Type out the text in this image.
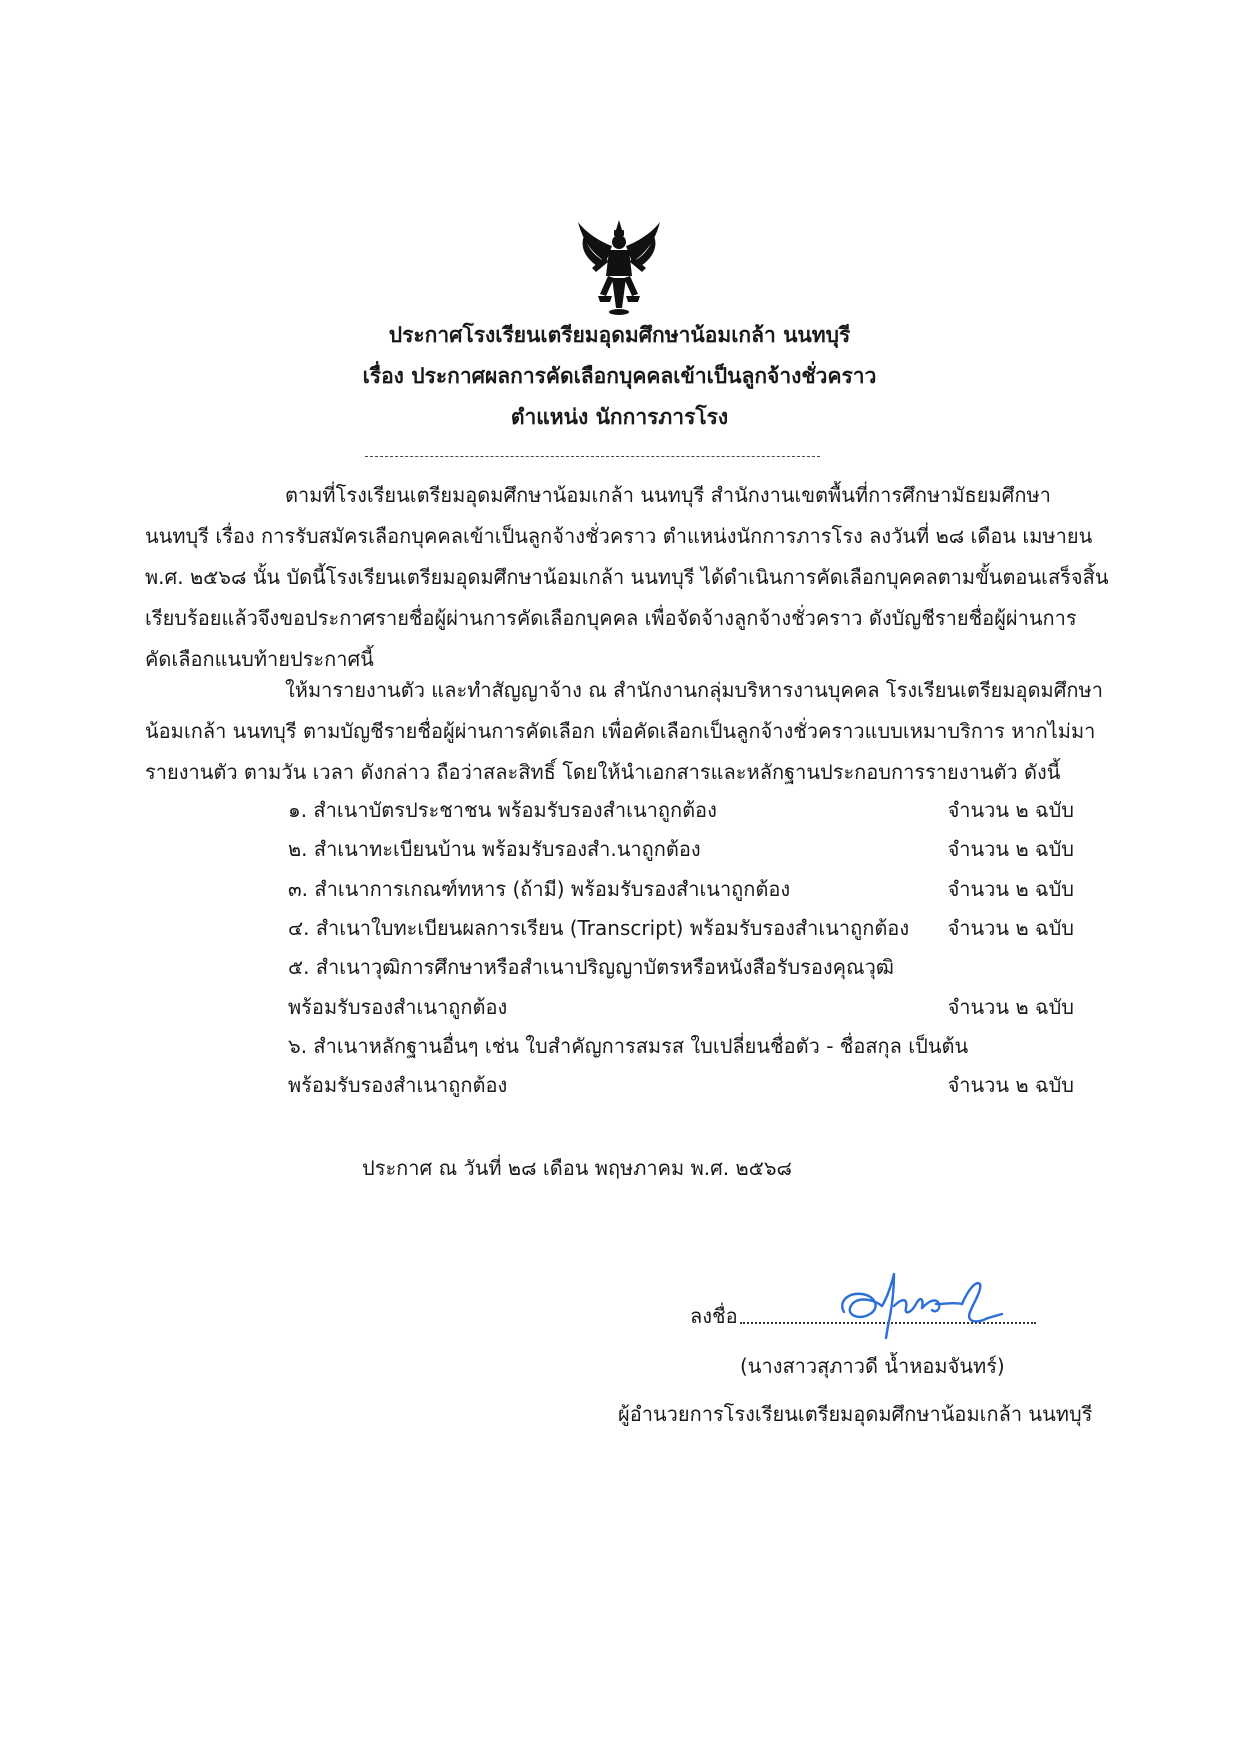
ประกาศโรงเรียนเตรียมอุดมศึกษาน้อมเกล้า นนทบุรี
เรื่อง ประกาศผลการคัดเลือกบุคคลเข้าเป็นลูกจ้างชั่วคราว
ตำแหน่ง นักการภารโรง
ตามที่โรงเรียนเตรียมอุดมศึกษาน้อมเกล้า นนทบุรี สำนักงานเขตพื้นที่การศึกษามัธยมศึกษา
นนทบุรี เรื่อง การรับสมัครเลือกบุคคลเข้าเป็นลูกจ้างชั่วคราว ตำแหน่งนักการภารโรง ลงวันที่ ๒๘ เดือน เมษายน
พ.ศ. ๒๕๖๘ นั้น บัดนี้โรงเรียนเตรียมอุดมศึกษาน้อมเกล้า นนทบุรี ได้ดำเนินการคัดเลือกบุคคลตามขั้นตอนเสร็จสิ้น
เรียบร้อยแล้วจึงขอประกาศรายชื่อผู้ผ่านการคัดเลือกบุคคล เพื่อจัดจ้างลูกจ้างชั่วคราว ดังบัญชีรายชื่อผู้ผ่านการ
คัดเลือกแนบท้ายประกาศนี้
ให้มารายงานตัว และทำสัญญาจ้าง ณ สำนักงานกลุ่มบริหารงานบุคคล โรงเรียนเตรียมอุดมศึกษา
น้อมเกล้า นนทบุรี ตามบัญชีรายชื่อผู้ผ่านการคัดเลือก เพื่อคัดเลือกเป็นลูกจ้างชั่วคราวแบบเหมาบริการ หากไม่มา
รายงานตัว ตามวัน เวลา ดังกล่าว ถือว่าสละสิทธิ์ โดยให้นำเอกสารและหลักฐานประกอบการรายงานตัว ดังนี้
๑. สำเนาบัตรประชาชน พร้อมรับรองสำเนาถูกต้อง	จำนวน ๒ ฉบับ
๒. สำเนาทะเบียนบ้าน พร้อมรับรองสำ.นาถูกต้อง	จำนวน ๒ ฉบับ
๓. สำเนาการเกณฑ์ทหาร (ถ้ามี) พร้อมรับรองสำเนาถูกต้อง	จำนวน ๒ ฉบับ
๔. สำเนาใบทะเบียนผลการเรียน (Transcript) พร้อมรับรองสำเนาถูกต้อง จำนวน ๒ ฉบับ
๕. สำเนาวุฒิการศึกษาหรือสำเนาปริญญาบัตรหรือหนังสือรับรองคุณวุฒิ
พร้อมรับรองสำเนาถูกต้อง	จำนวน ๒ ฉบับ
๖. สำเนาหลักฐานอื่นๆ เช่น ใบสำคัญการสมรส ใบเปลี่ยนชื่อตัว - ชื่อสกุล เป็นต้น
พร้อมรับรองสำเนาถูกต้อง	จำนวน ๒ ฉบับ
ประกาศ ณ วันที่ ๒๘ เดือน พฤษภาคม พ.ศ. ๒๕๖๘
ลงชื่อ
(นางสาวสุภาวดี น้ำหอมจันทร์)
ผู้อำนวยการโรงเรียนเตรียมอุดมศึกษาน้อมเกล้า นนทบุรี
